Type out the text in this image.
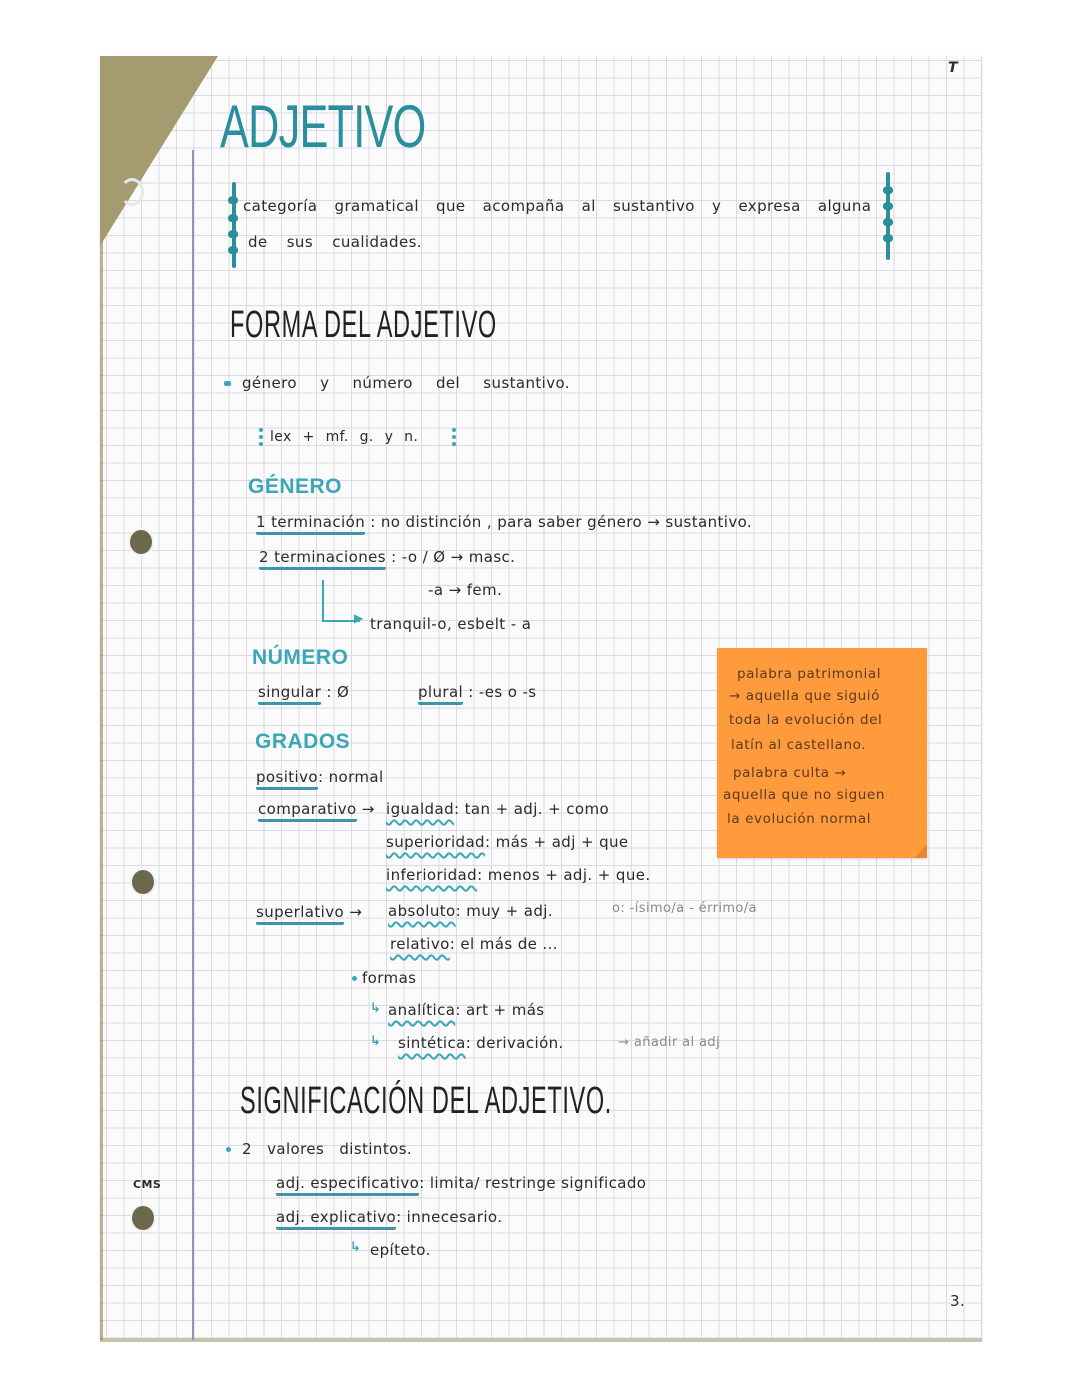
T
3.
CMS
ADJETIVO
categoría gramatical que acompaña al sustantivo y expresa alguna
de sus cualidades.
FORMA DEL ADJETIVO
género y número del sustantivo.
lex + mf. g. y n.
GÉNERO
1 terminación : no distinción , para saber género → sustantivo.
2 terminaciones : -o / Ø → masc.
-a → fem.
▶ tranquil-o, esbelt - a
NÚMERO
singular : Ø	plural : -es o -s
GRADOS
positivo: normal
comparativo → igualdad: tan + adj. + como
superioridad: más + adj + que
inferioridad: menos + adj. + que.
superlativo → absoluto: muy + adj.	o: -ísimo/a - érrimo/a
relativo: el más de ...
formas
↳ analítica: art + más
↳ sintética: derivación.	→ añadir al adj
palabra patrimonial
→ aquella que siguió
toda la evolución del
latín al castellano.
palabra culta →
aquella que no siguen
la evolución normal
SIGNIFICACIÓN DEL ADJETIVO.
2 valores distintos.
adj. especificativo: limita/ restringe significado
adj. explicativo: innecesario.
↳ epíteto.
